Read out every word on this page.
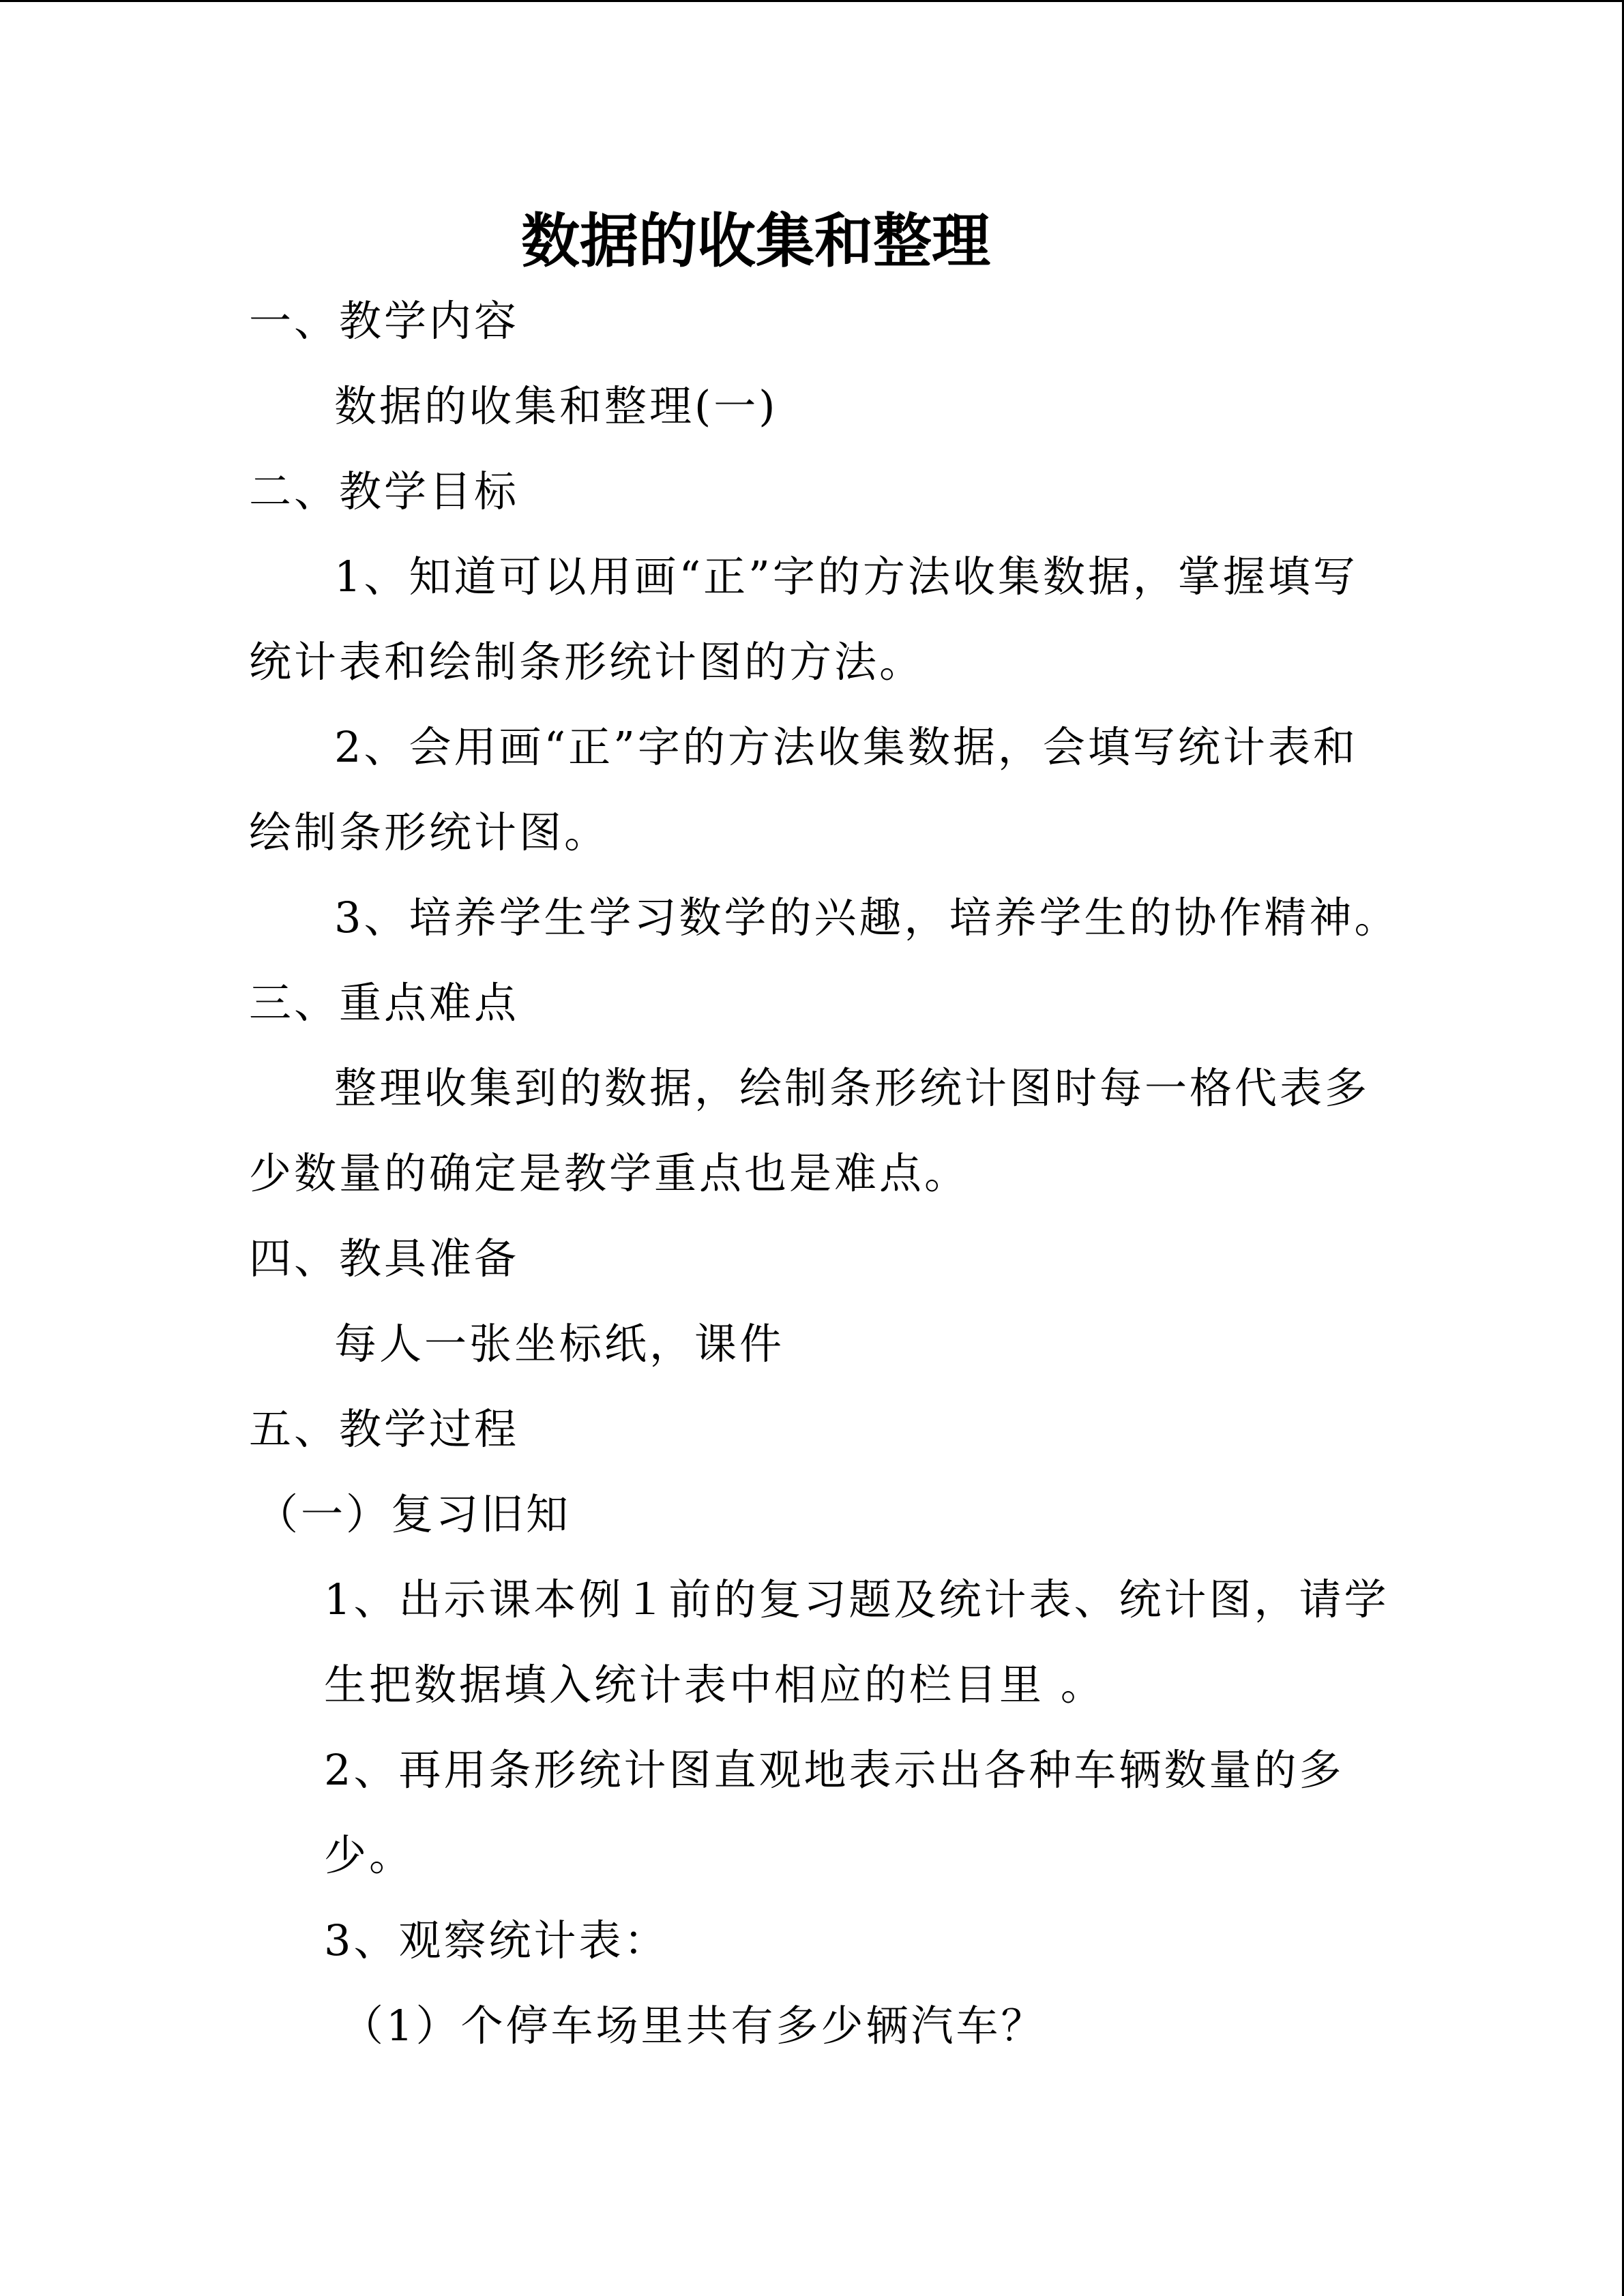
数据的收集和整理
一、教学内容
数据的收集和整理(一)
二、教学目标
1、知道可以用画“正”字的方法收集数据，掌握填写
统计表和绘制条形统计图的方法。
2、会用画“正”字的方法收集数据，会填写统计表和
绘制条形统计图。
3、培养学生学习数学的兴趣，培养学生的协作精神。
三、重点难点
整理收集到的数据，绘制条形统计图时每一格代表多
少数量的确定是教学重点也是难点。
四、教具准备
每人一张坐标纸，课件
五、教学过程
（一）复习旧知
1、出示课本例１前的复习题及统计表、统计图，请学
生把数据填入统计表中相应的栏目里 。
2、再用条形统计图直观地表示出各种车辆数量的多
少。
3、观察统计表：
（1）个停车场里共有多少辆汽车？
